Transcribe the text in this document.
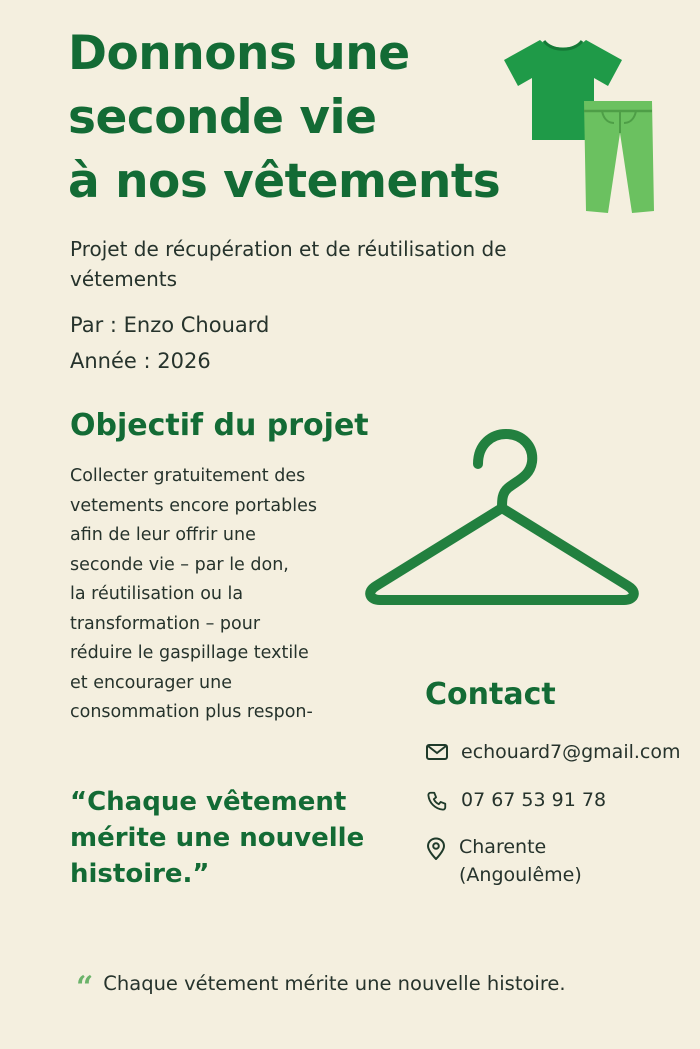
Donnons une
seconde vie
à nos vêtements

Projet de récupération et de réutilisation de vétements

Par : Enzo Chouard
Année : 2026
Objectif du projet

Collecter gratuitement des
vetements encore portables
afin de leur offrir une
seconde vie – par le don,
la réutilisation ou la
transformation – pour
réduire le gaspillage textile
et encourager une
consommation plus respon-

“Chaque vêtement
mérite une nouvelle
histoire.”

Contact
echouard7@gmail.com
07 67 53 91 78
Charente
(Angoulême)
“ Chaque vétement mérite une nouvelle histoire.
